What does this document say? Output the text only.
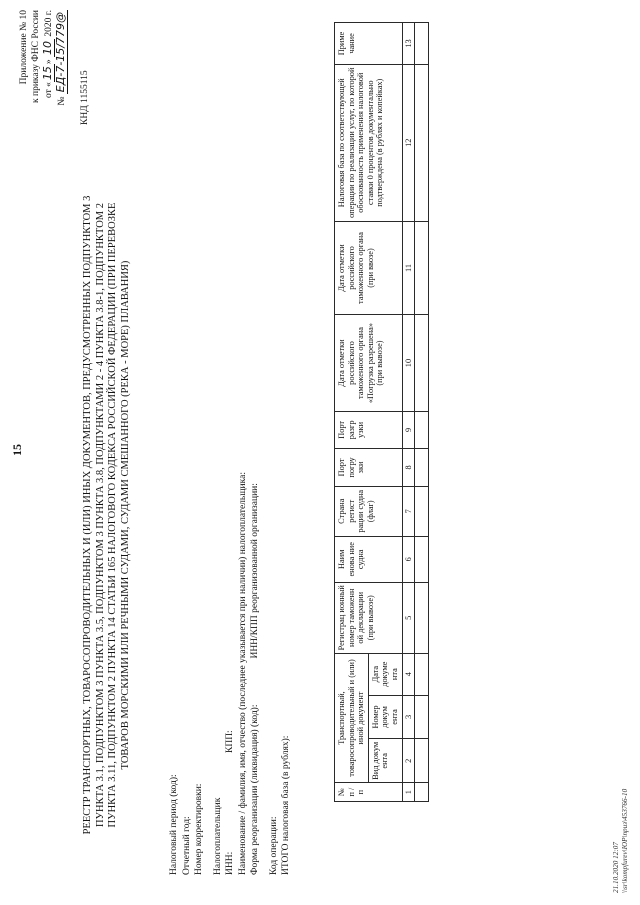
15
Приложение № 10 к приказу ФНС России от «15» 10 2020 г.
№ ЕД-7-15/779@
КНД 1155115
РЕЕСТР ТРАНСПОРТНЫХ, ТОВАРОСОПРОВОДИТЕЛЬНЫХ И (ИЛИ) ИНЫХ ДОКУМЕНТОВ, ПРЕДУСМОТРЕННЫХ ПОДПУНКТОМ 3 ПУНКТА 3.1, ПОДПУНКТОМ 3 ПУНКТА 3.5, ПОДПУНКТОМ 3 ПУНКТА 3.8, ПОДПУНКТАМИ 2 - 4 ПУНКТА 3.8-1, ПОДПУНКТОМ 2 ПУНКТА 3.11, ПОДПУНКТОМ 2 ПУНКТА 14 СТАТЬИ 165 НАЛОГОВОГО КОДЕКСА РОССИЙСКОЙ ФЕДЕРАЦИИ (ПРИ ПЕРЕВОЗКЕ ТОВАРОВ МОРСКИМИ ИЛИ РЕЧНЫМИ СУДАМИ, СУДАМИ СМЕШАННОГО (РЕКА - МОРЕ) ПЛАВАНИЯ)
Налоговый период (код): Отчетный год: Номер корректировки: Налогоплательщик ИНН:КПП: Наименование / фамилия, имя, отчество (последнее указывается при наличии) налогоплательщика: Форма реорганизации (ликвидация) (код):ИНН/КПП реорганизованной организации:
Код операции: ИТОГО налоговая база (в рублях):	№ п / п	Транспортный, товаросопроводительный и (или) иной документ			Регистрац ионный номер таможенн ой декларации (при вывозе)	Наим енова ние судна	Страна регист рации судна (флаг)	Порт погру зки	Порт разгр узки	Дата отметки российского таможенного органа «Погрузка разрешена» (при вывозе)	Дата отметки российского таможенного органа (при ввозе)	Налоговая база по соответствующей операции по реализации услуг, по которой обоснованность применения налоговой ставки 0 процентов документально подтверждена (в рублях и копейках)	Приме чание
	Вид докум ента	Номер докум ента	Дата докуме нта									
1	2	3	4	5	6	7	8	9	10	11	12	13

21.10.2020 12:07 \\sr\kompfurev\ЮР\приз\453766-10
